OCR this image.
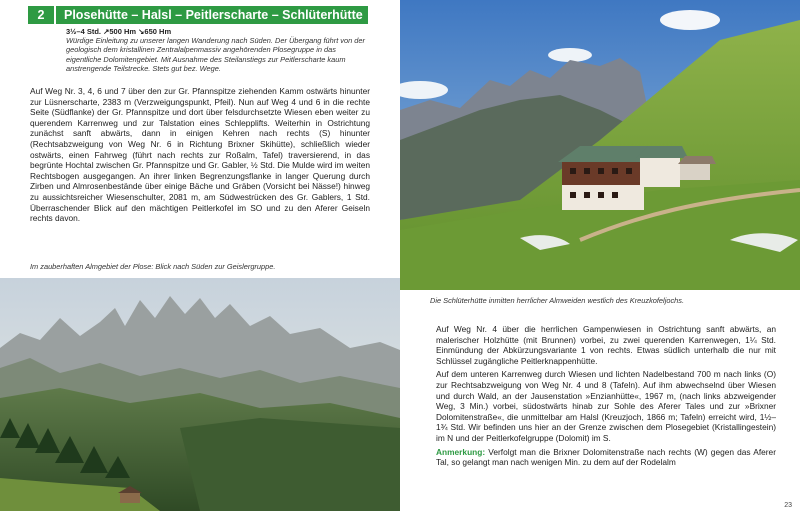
2	Plosehütte – Halsl – Peitlerscharte – Schlüterhütte
3½–4 Std. ↗500 Hm ↘650 Hm
Würdige Einleitung zu unserer langen Wanderung nach Süden. Der Übergang führt von der geologisch dem kristallinen Zentralalpenmassiv angehörenden Plosegruppe in das eigentliche Dolomitengebiet. Mit Ausnahme des Steilanstiegs zur Peitlerscharte kaum anstrengende Teilstrecke. Stets gut bez. Wege.
Auf Weg Nr. 3, 4, 6 und 7 über den zur Gr. Pfannspitze ziehenden Kamm ostwärts hinunter zur Lüsnerscharte, 2383 m (Verzweigungspunkt, Pfeil). Nun auf Weg 4 und 6 in die rechte Seite (Südflanke) der Gr. Pfannspitze und dort über felsdurchsetzte Wiesen eben weiter zu querendem Karrenweg und zur Talstation eines Schlepplifts. Weiterhin in Ostrichtung zunächst sanft abwärts, dann in einigen Kehren nach rechts (S) hinunter (Rechtsabzweigung von Weg Nr. 6 in Richtung Brixner Skihütte), schließlich wieder ostwärts, einen Fahrweg (führt nach rechts zur Roßalm, Tafel) traversierend, in das begrünte Hochtal zwischen Gr. Pfannspitze und Gr. Gabler, ½ Std. Die Mulde wird im weiten Rechtsbogen ausgegangen. An ihrer linken Begrenzungsflanke in langer Querung durch Zirben und Almrosenbestände über einige Bäche und Gräben (Vorsicht bei Nässe!) hinweg zu aussichtsreicher Wiesenschulter, 2081 m, am Südwestrücken des Gr. Gablers, 1 Std. Überraschender Blick auf den mächtigen Peitlerkofel im SO und zu den Aferer Geiseln rechts davon.
Im zauberhaften Almgebiet der Plose: Blick nach Süden zur Geislergruppe.
Die Schlüterhütte inmitten herrlicher Almweiden westlich des Kreuzkofeljochs.

Auf Weg Nr. 4 über die herrlichen Gampenwiesen in Ostrichtung sanft abwärts, an malerischer Holzhütte (mit Brunnen) vorbei, zu zwei querenden Karrenwegen, 1¼ Std. Einmündung der Abkürzungsvariante 1 von rechts. Etwas südlich unterhalb die nur mit Schlüssel zugängliche Peitlerknappenhütte.

Auf dem unteren Karrenweg durch Wiesen und lichten Nadelbestand 700 m nach links (O) zur Rechtsabzweigung von Weg Nr. 4 und 8 (Tafeln). Auf ihm abwechselnd über Wiesen und durch Wald, an der Jausenstation »Enzianhütte«, 1967 m, (nach links abzweigender Weg, 3 Min.) vorbei, südostwärts hinab zur Sohle des Aferer Tales und zur »Brixner Dolomitenstraße«, die unmittelbar am Halsl (Kreuzjoch, 1866 m; Tafeln) erreicht wird, 1½–1¾ Std. Wir befinden uns hier an der Grenze zwischen dem Plosegebiet (Kristallingestein) im N und der Peitlerkofelgruppe (Dolomit) im S.

Anmerkung: Verfolgt man die Brixner Dolomitenstraße nach rechts (W) gegen das Aferer Tal, so gelangt man nach wenigen Min. zu dem auf der Rodelalm

23
